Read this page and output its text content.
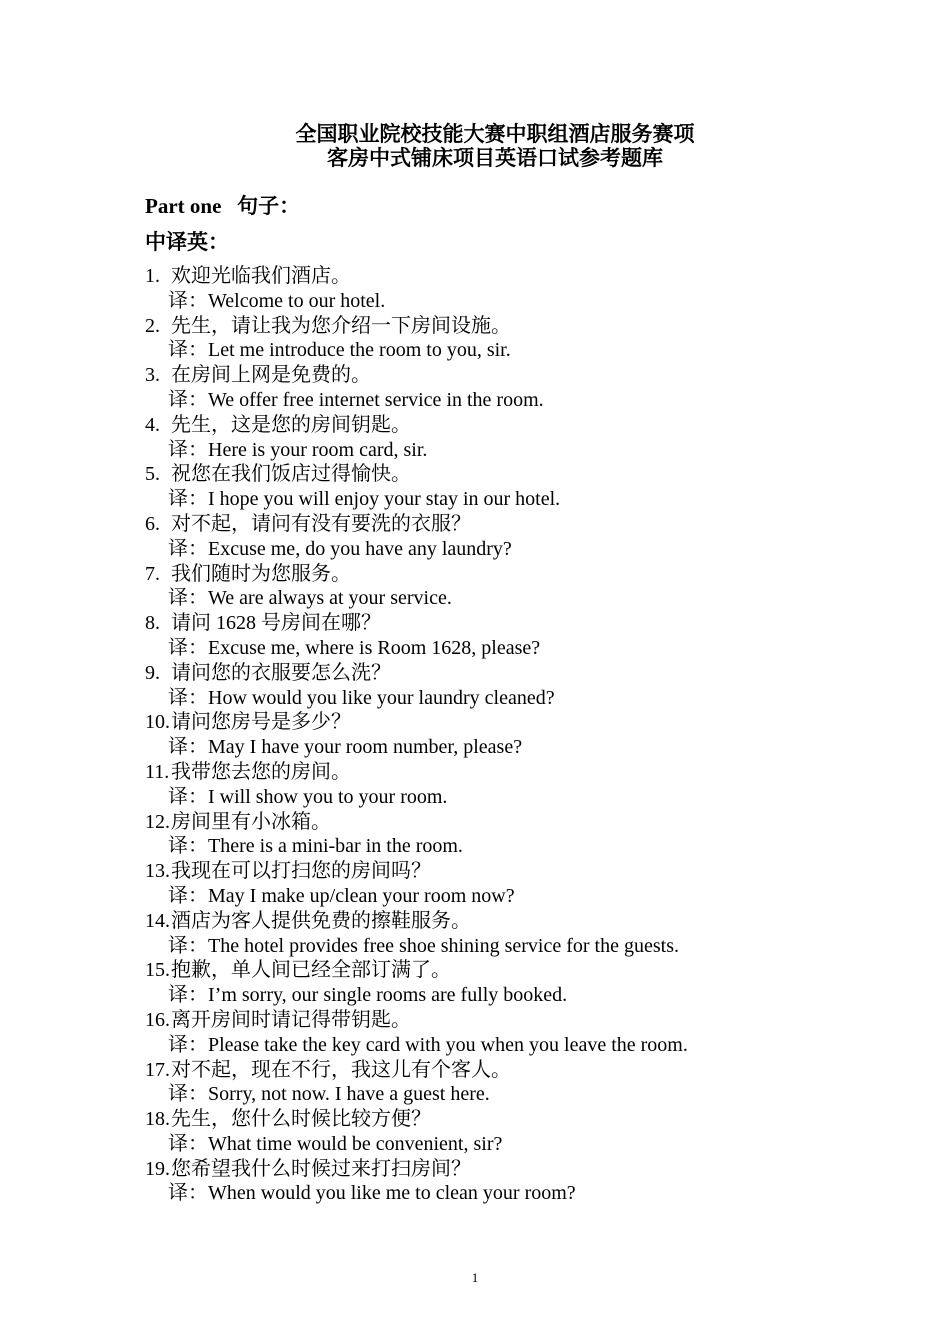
全国职业院校技能大赛中职组酒店服务赛项
客房中式铺床项目英语口试参考题库
Part one   句子：
中译英：
1. 欢迎光临我们酒店。
译：Welcome to our hotel.
2. 先生，请让我为您介绍一下房间设施。
译：Let me introduce the room to you, sir.
3. 在房间上网是免费的。
译：We offer free internet service in the room.
4. 先生，这是您的房间钥匙。
译：Here is your room card, sir.
5. 祝您在我们饭店过得愉快。
译：I hope you will enjoy your stay in our hotel.
6. 对不起，请问有没有要洗的衣服？
译：Excuse me, do you have any laundry?
7. 我们随时为您服务。
译：We are always at your service.
8. 请问 1628 号房间在哪？
译：Excuse me, where is Room 1628, please?
9. 请问您的衣服要怎么洗？
译：How would you like your laundry cleaned?
10.请问您房号是多少？
译：May I have your room number, please?
11.我带您去您的房间。
译：I will show you to your room.
12.房间里有小冰箱。
译：There is a mini-bar in the room.
13.我现在可以打扫您的房间吗？
译：May I make up/clean your room now?
14.酒店为客人提供免费的擦鞋服务。
译：The hotel provides free shoe shining service for the guests.
15.抱歉，单人间已经全部订满了。
译：I’m sorry, our single rooms are fully booked.
16.离开房间时请记得带钥匙。
译：Please take the key card with you when you leave the room.
17.对不起，现在不行，我这儿有个客人。
译：Sorry, not now. I have a guest here.
18.先生，您什么时候比较方便？
译：What time would be convenient, sir?
19.您希望我什么时候过来打扫房间？
译：When would you like me to clean your room?
1
